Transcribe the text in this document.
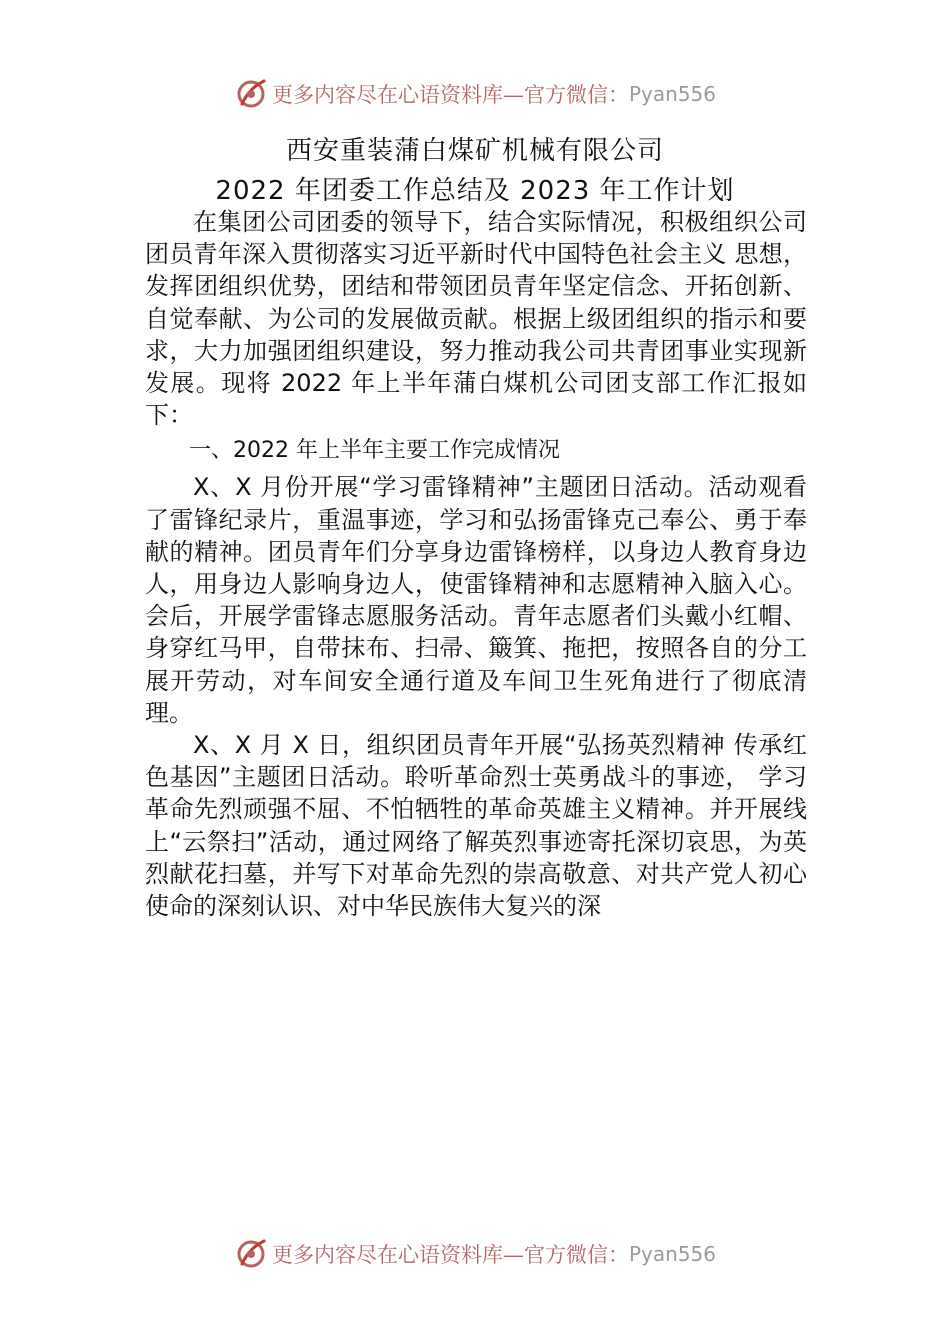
更多内容尽在心语资料库—官方微信： Pyan556
西安重装蒲白煤矿机械有限公司
2022 年团委工作总结及 2023 年工作计划

在集团公司团委的领导下，结合实际情况，积极组织公司团员青年深入贯彻落实习近平新时代中国特色社会主义 思想，发挥团组织优势，团结和带领团员青年坚定信念、开拓创新、自觉奉献、为公司的发展做贡献。根据上级团组织的指示和要求，大力加强团组织建设，努力推动我公司共青团事业实现新发展。现将 2022 年上半年蒲白煤机公司团支部工作汇报如下：

一、2022 年上半年主要工作完成情况

X、X 月份开展“学习雷锋精神”主题团日活动。活动观看了雷锋纪录片，重温事迹，学习和弘扬雷锋克己奉公、勇于奉献的精神。团员青年们分享身边雷锋榜样，以身边人教育身边人，用身边人影响身边人，使雷锋精神和志愿精神入脑入心。会后，开展学雷锋志愿服务活动。青年志愿者们头戴小红帽、身穿红马甲，自带抹布、扫帚、簸箕、拖把，按照各自的分工展开劳动，对车间安全通行道及车间卫生死角进行了彻底清理。

X、X 月 X 日，组织团员青年开展“弘扬英烈精神 传承红色基因”主题团日活动。聆听革命烈士英勇战斗的事迹， 学习革命先烈顽强不屈、不怕牺牲的革命英雄主义精神。并开展线上“云祭扫”活动，通过网络了解英烈事迹寄托深切哀思，为英烈献花扫墓，并写下对革命先烈的崇高敬意、对共产党人初心使命的深刻认识、对中华民族伟大复兴的深

更多内容尽在心语资料库—官方微信： Pyan556
